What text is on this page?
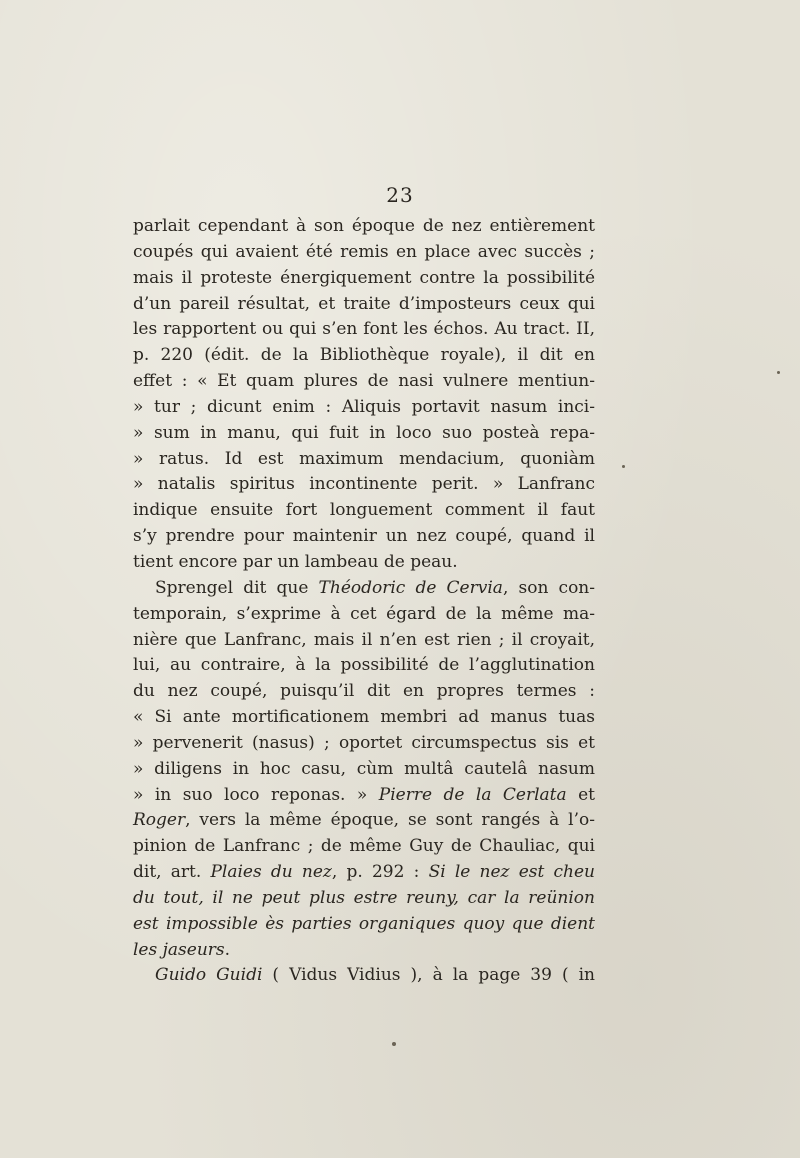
23
parlait cependant à son époque de nez entièrement
coupés qui avaient été remis en place avec succès ;
mais il proteste énergiquement contre la possibilité
d’un pareil résultat, et traite d’imposteurs ceux qui
les rapportent ou qui s’en font les échos. Au tract. II,
p. 220 (édit. de la Bibliothèque royale), il dit en
effet : « Et quam plures de nasi vulnere mentiun-
» tur ; dicunt enim : Aliquis portavit nasum inci-
» sum in manu, qui fuit in loco suo posteà repa-
» ratus. Id est maximum mendacium, quoniàm
» natalis spiritus incontinente perit. » Lanfranc
indique ensuite fort longuement comment il faut
s’y prendre pour maintenir un nez coupé, quand il
tient encore par un lambeau de peau.
Sprengel dit que Théodoric de Cervia, son con-
temporain, s’exprime à cet égard de la même ma-
nière que Lanfranc, mais il n’en est rien ; il croyait,
lui, au contraire, à la possibilité de l’agglutination
du nez coupé, puisqu’il dit en propres termes :
« Si ante mortificationem membri ad manus tuas
» pervenerit (nasus) ; oportet circumspectus sis et
» diligens in hoc casu, cùm multâ cautelâ nasum
» in suo loco reponas. » Pierre de la Cerlata et
Roger, vers la même époque, se sont rangés à l’o-
pinion de Lanfranc ; de même Guy de Chauliac, qui
dit, art. Plaies du nez, p. 292 : Si le nez est cheu
du tout, il ne peut plus estre reuny, car la reünion
est impossible ès parties organiques quoy que dient
les jaseurs.
Guido Guidi ( Vidus Vidius ), à la page 39 ( in
